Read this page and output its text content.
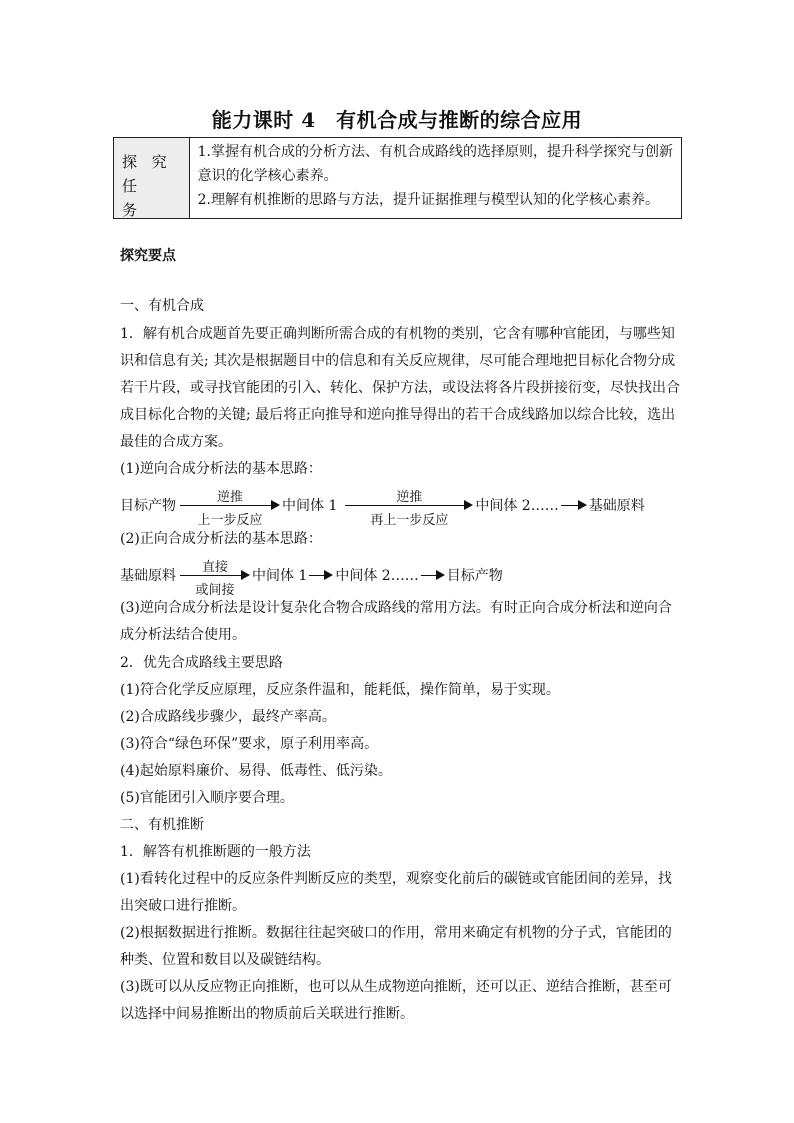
能力课时 4　有机合成与推断的综合应用
探 究 任
务
1.掌握有机合成的分析方法、有机合成路线的选择原则，提升科学探究与创新
意识的化学核心素养。
2.理解有机推断的思路与方法，提升证据推理与模型认知的化学核心素养。
探究要点
一、有机合成
1．解有机合成题首先要正确判断所需合成的有机物的类别，它含有哪种官能团，与哪些知
识和信息有关; 其次是根据题目中的信息和有关反应规律，尽可能合理地把目标化合物分成
若干片段，或寻找官能团的引入、转化、保护方法，或设法将各片段拼接衍变，尽快找出合
成目标化合物的关键; 最后将正向推导和逆向推导得出的若干合成线路加以综合比较，选出
最佳的合成方案。
(1)逆向合成分析法的基本思路：
目标产物
逆推
上一步反应
中间体 1
逆推
再上一步反应
中间体 2…… 基础原料
(2)正向合成分析法的基本思路：
基础原料
直接
或间接
中间体 1 中间体 2…… 目标产物
(3)逆向合成分析法是设计复杂化合物合成路线的常用方法。有时正向合成分析法和逆向合
成分析法结合使用。
2．优先合成路线主要思路
(1)符合化学反应原理，反应条件温和，能耗低，操作简单，易于实现。
(2)合成路线步骤少，最终产率高。
(3)符合“绿色环保”要求，原子利用率高。
(4)起始原料廉价、易得、低毒性、低污染。
(5)官能团引入顺序要合理。
二、有机推断
1．解答有机推断题的一般方法
(1)看转化过程中的反应条件判断反应的类型，观察变化前后的碳链或官能团间的差异，找
出突破口进行推断。
(2)根据数据进行推断。数据往往起突破口的作用，常用来确定有机物的分子式，官能团的
种类、位置和数目以及碳链结构。
(3)既可以从反应物正向推断，也可以从生成物逆向推断，还可以正、逆结合推断，甚至可
以选择中间易推断出的物质前后关联进行推断。
